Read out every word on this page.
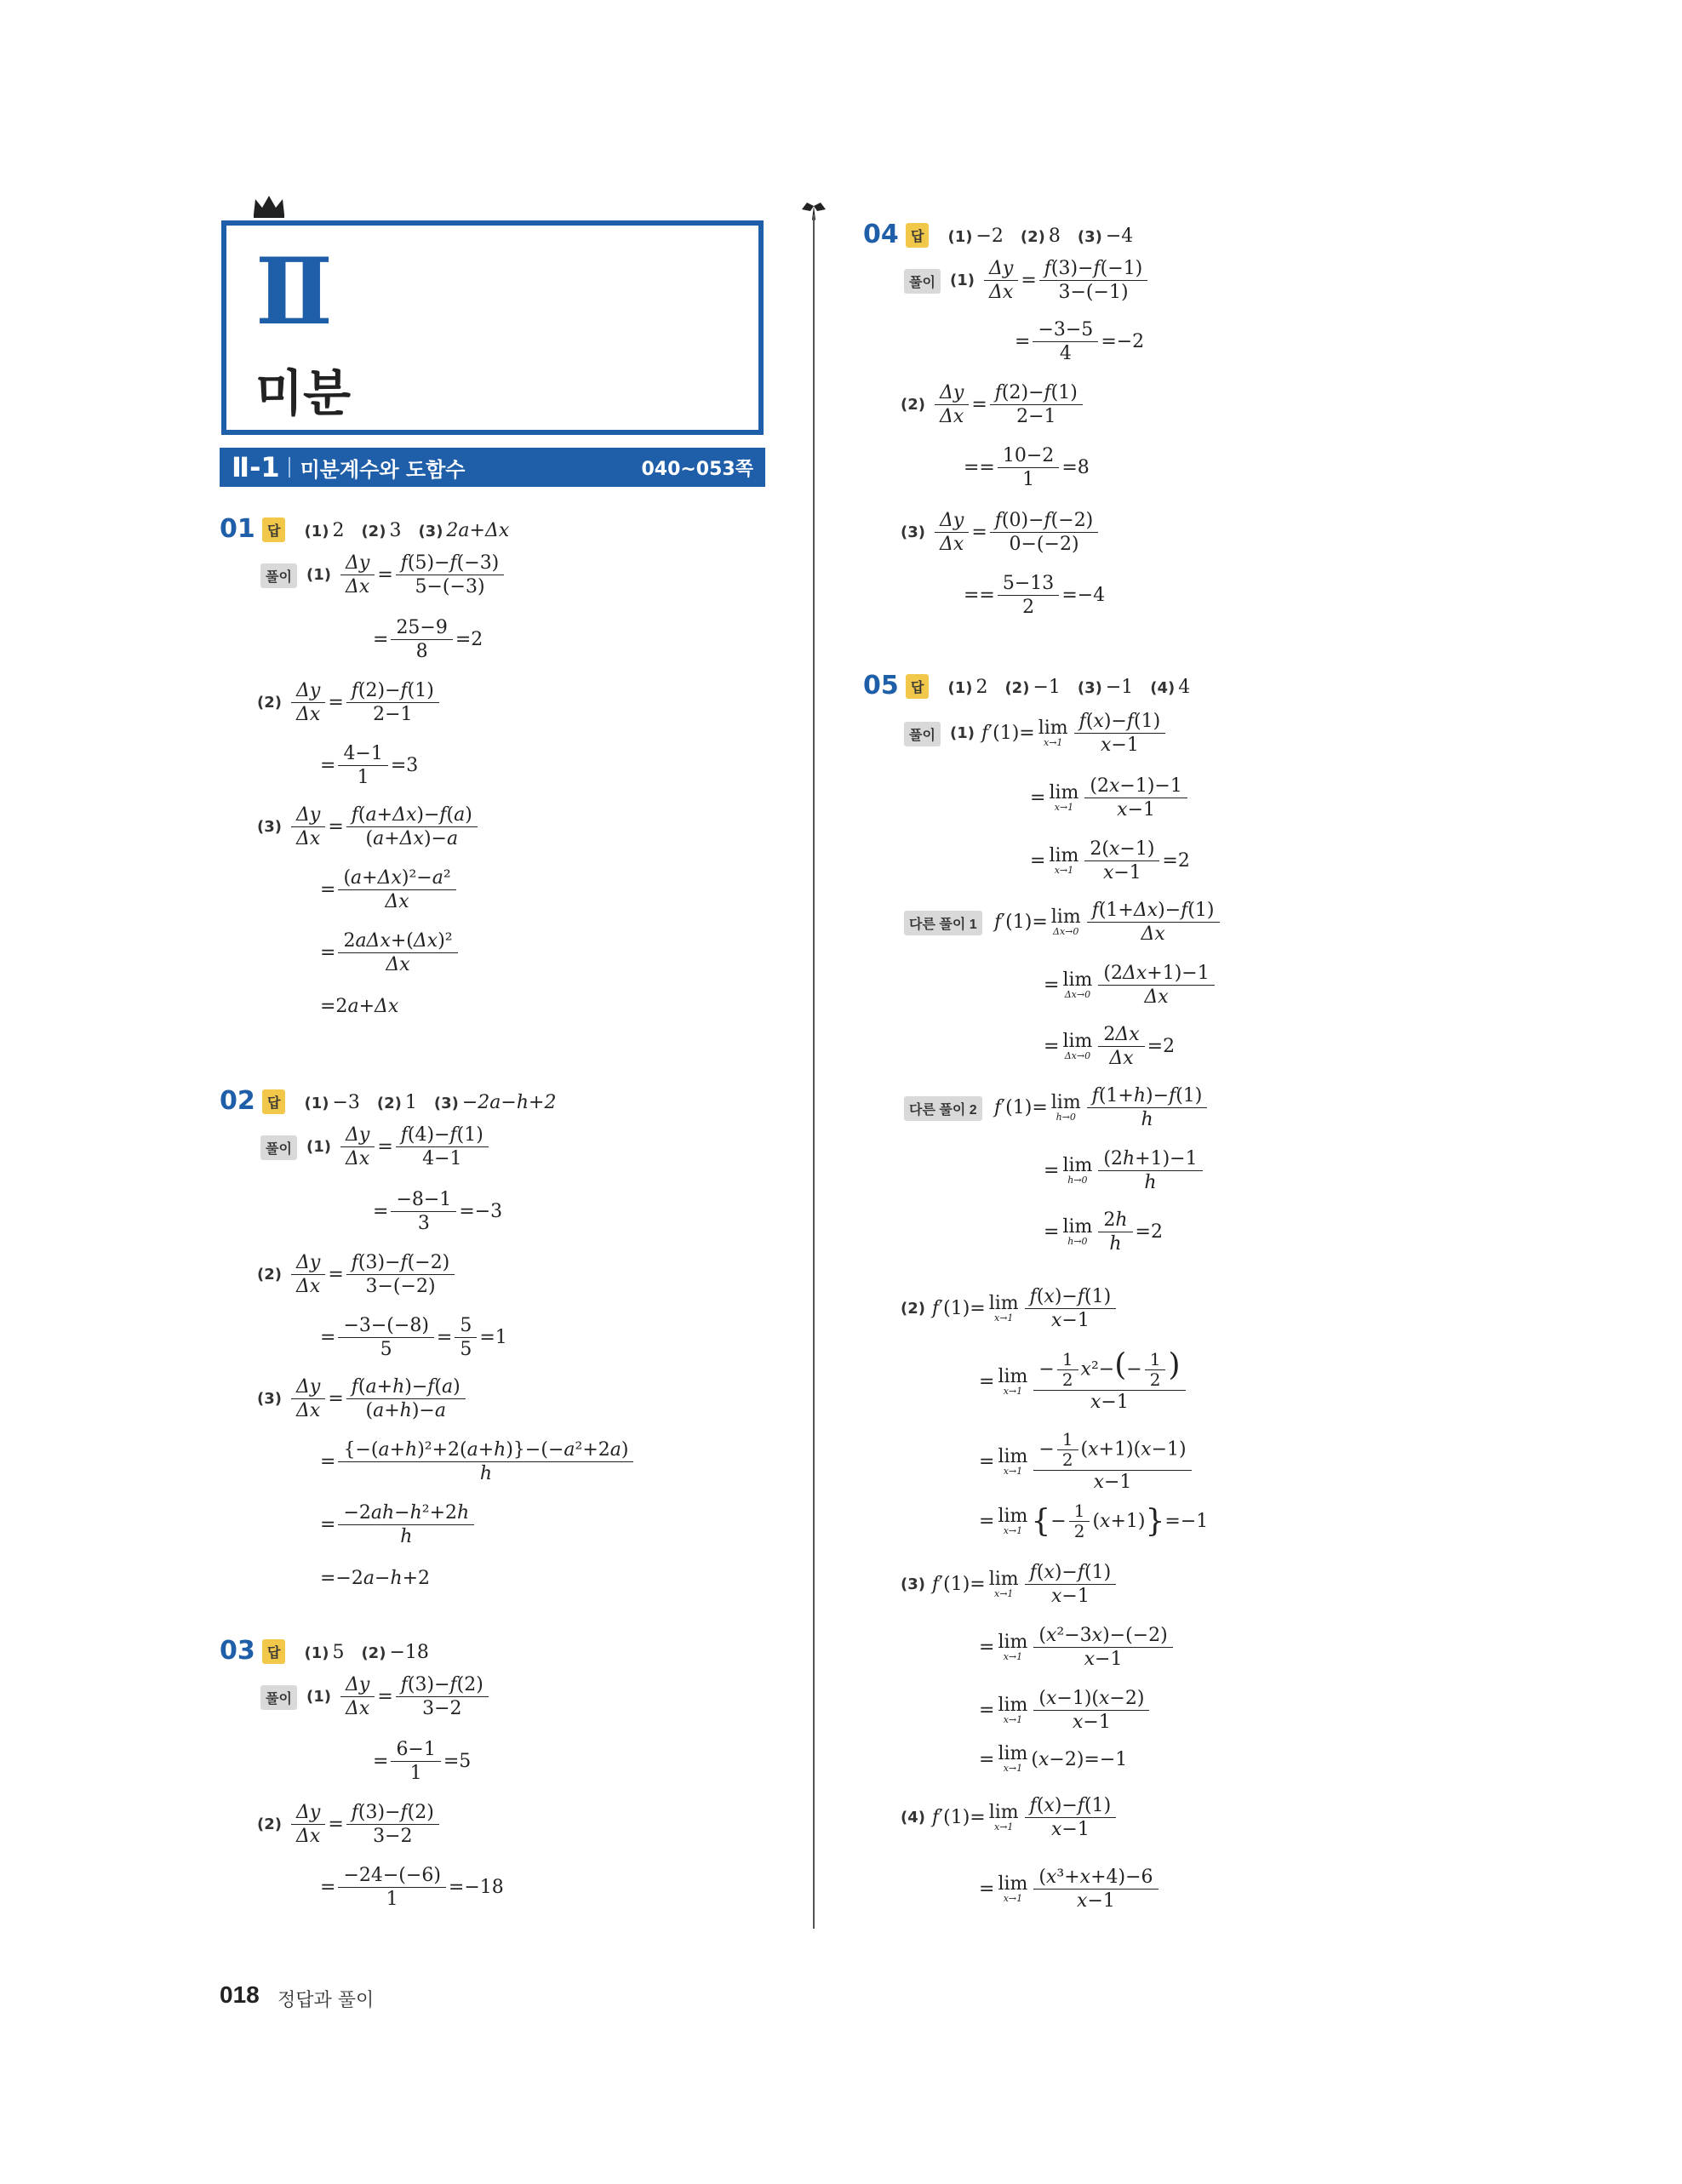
Ⅱ
미분
Ⅱ-1 미분계수와 도함수	040~053쪽
01 답	(1) 2 (2) 3 (3) 2a+Δx
풀이 $(1) \frac{\Delta y}{\Delta x} = \frac{f(5)-f(-3)}{5-(-3)}$
= $\frac{25-9}{8} =2$
$(2) \frac{\Delta y}{\Delta x} = \frac{f(2)-f(1)}{2-1}$
= $\frac{4-1}{1} =3$
$(3) \frac{\Delta y}{\Delta x} = \frac{f(a+\Delta x)-f(a)}{(a+\Delta x)-a}$
= $\frac{\text{(a+Δx)²−a²}}{\Delta x}$
= $\frac{\text{2aΔx+(Δx)²}}{\Delta x}$
=2 a + Δx
02 답	(1) −3 (2) 1 (3) −2a−h+2
풀이 $(1) \frac{\Delta y}{\Delta x} = \frac{f(4)-f(1)}{4-1}$
= $\frac{-8-1}{3} =-3$
$(2) \frac{\Delta y}{\Delta x} = \frac{f(3)-f(-2)}{3-(-2)}$
= $\frac{-3-(-8)}{5} = \frac{5}{5} =1$
$(3) \frac{\Delta y}{\Delta x} = \frac{f(a+h)-f(a)}{(a+h)-a}$
= $\frac{\text{\{−(a+h)²+2(a+h)\}−(−a²+2a)}}{h}$
= $\frac{\text{−2ah−h²+2h}}{h}$
=−2 a − h +2
03 답	(1) 5 (2) −18
풀이 $(1) \frac{\Delta y}{\Delta x} = \frac{f(3)-f(2)}{3-2}$
= $\frac{6-1}{1} =5$
$(2) \frac{\Delta y}{\Delta x} = \frac{f(3)-f(2)}{3-2}$
= $\frac{-24-(-6)}{1} =-18$
04 답	(1) −2 (2) 8 (3) −4
풀이 $(1) \frac{\Delta y}{\Delta x} = \frac{f(3)-f(-1)}{3-(-1)}$
= $\frac{-3-5}{4} =-2$
$(2) \frac{\Delta y}{\Delta x} = \frac{f(2)-f(1)}{2-1}$
== $\frac{10-2}{1} =8$
$(3) \frac{\Delta y}{\Delta x} = \frac{f(0)-f(-2)}{0-(-2)}$
== $\frac{5-13}{2} =-4$
05 답	(1) 2 (2) −1 (3) −1 (4) 4
풀이 (1) f ′(1)= lim
$x\to 1 \frac{f(x)-f(1)}{x-1}$
= lim
$x\to 1 \frac{(2x-1)-1}{x-1}$
= lim
$x\to 1 \frac{2(x-1)}{x-1} =2$
다른 풀이 1 f ′(1)= lim
$\Delta x\to 0 \frac{f(1+\Delta x)-f(1)}{\Delta x}$
= lim
$\Delta x\to 0 \frac{(2\Delta x+1)-1}{\Delta x}$
= lim
$\Delta x\to 0 \frac{2\Delta x}{\Delta x} =2$
다른 풀이 2 f ′(1)= lim
$h\to 0 \frac{f(1+h)-f(1)}{h}$
= lim
$h\to 0 \frac{(2h+1)-1}{h}$
= lim
$h\to 0 \frac{2h}{h} =2$
(2) f ′(1)= lim
$x\to 1 \frac{f(x)-f(1)}{x-1}$
= lim
$x\to 1 \frac{- \frac{1}{2} x^2-(- \frac{1}{2} )}{x-1}$
= lim
$x\to 1 \frac{- \frac{1}{2} (x+1)(x-1)}{x-1}$
= lim
x→1 { − $\frac{1}{2}$ ( x +1) } =−1
(3) f ′(1)= lim
$x\to 1 \frac{f(x)-f(1)}{x-1}$
= lim
$x\to 1 \frac{\text{(x²−3x)−(−2)}}{x-1}$
= lim
$x\to 1 \frac{(x-1)(x-2)}{x-1}$
= lim
x→1 ( x −2)=−1
(4) f ′(1)= lim
$x\to 1 \frac{f(x)-f(1)}{x-1}$
= lim
$x\to 1 \frac{\text{(x³+x+4)−6}}{x-1}$
018 정답과 풀이
